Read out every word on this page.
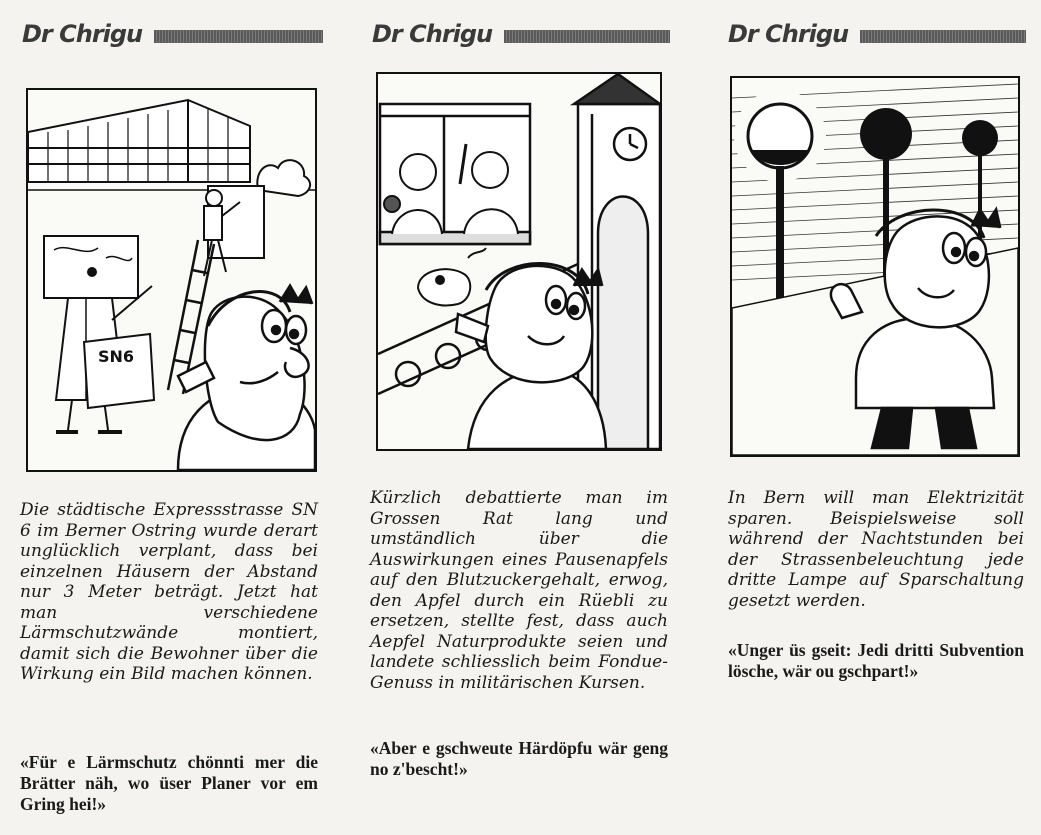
Dr Chrigu
SN6

Die städtische Expressstrasse SN 6 im Berner Ostring wurde derart unglücklich verplant, dass bei einzelnen Häusern der Abstand nur 3 Meter beträgt. Jetzt hat man verschiedene Lärmschutzwände montiert, damit sich die Bewohner über die Wirkung ein Bild machen können.

«Für e Lärmschutz chönnti mer die Brätter näh, wo üser Planer vor em Gring hei!»

Dr Chrigu

Kürzlich debattierte man im Grossen Rat lang und umständlich über die Auswirkungen eines Pausenapfels auf den Blutzuckergehalt, erwog, den Apfel durch ein Rüebli zu ersetzen, stellte fest, dass auch Aepfel Naturprodukte seien und landete schliesslich beim Fondue-Genuss in militärischen Kursen.

«Aber e gschweute Härdöpfu wär geng no z'bescht!»

Dr Chrigu

In Bern will man Elektrizität sparen. Beispielsweise soll während der Nachtstunden bei der Strassenbeleuchtung jede dritte Lampe auf Sparschaltung gesetzt werden.

«Unger üs gseit: Jedi dritti Subvention lösche, wär ou gschpart!»
